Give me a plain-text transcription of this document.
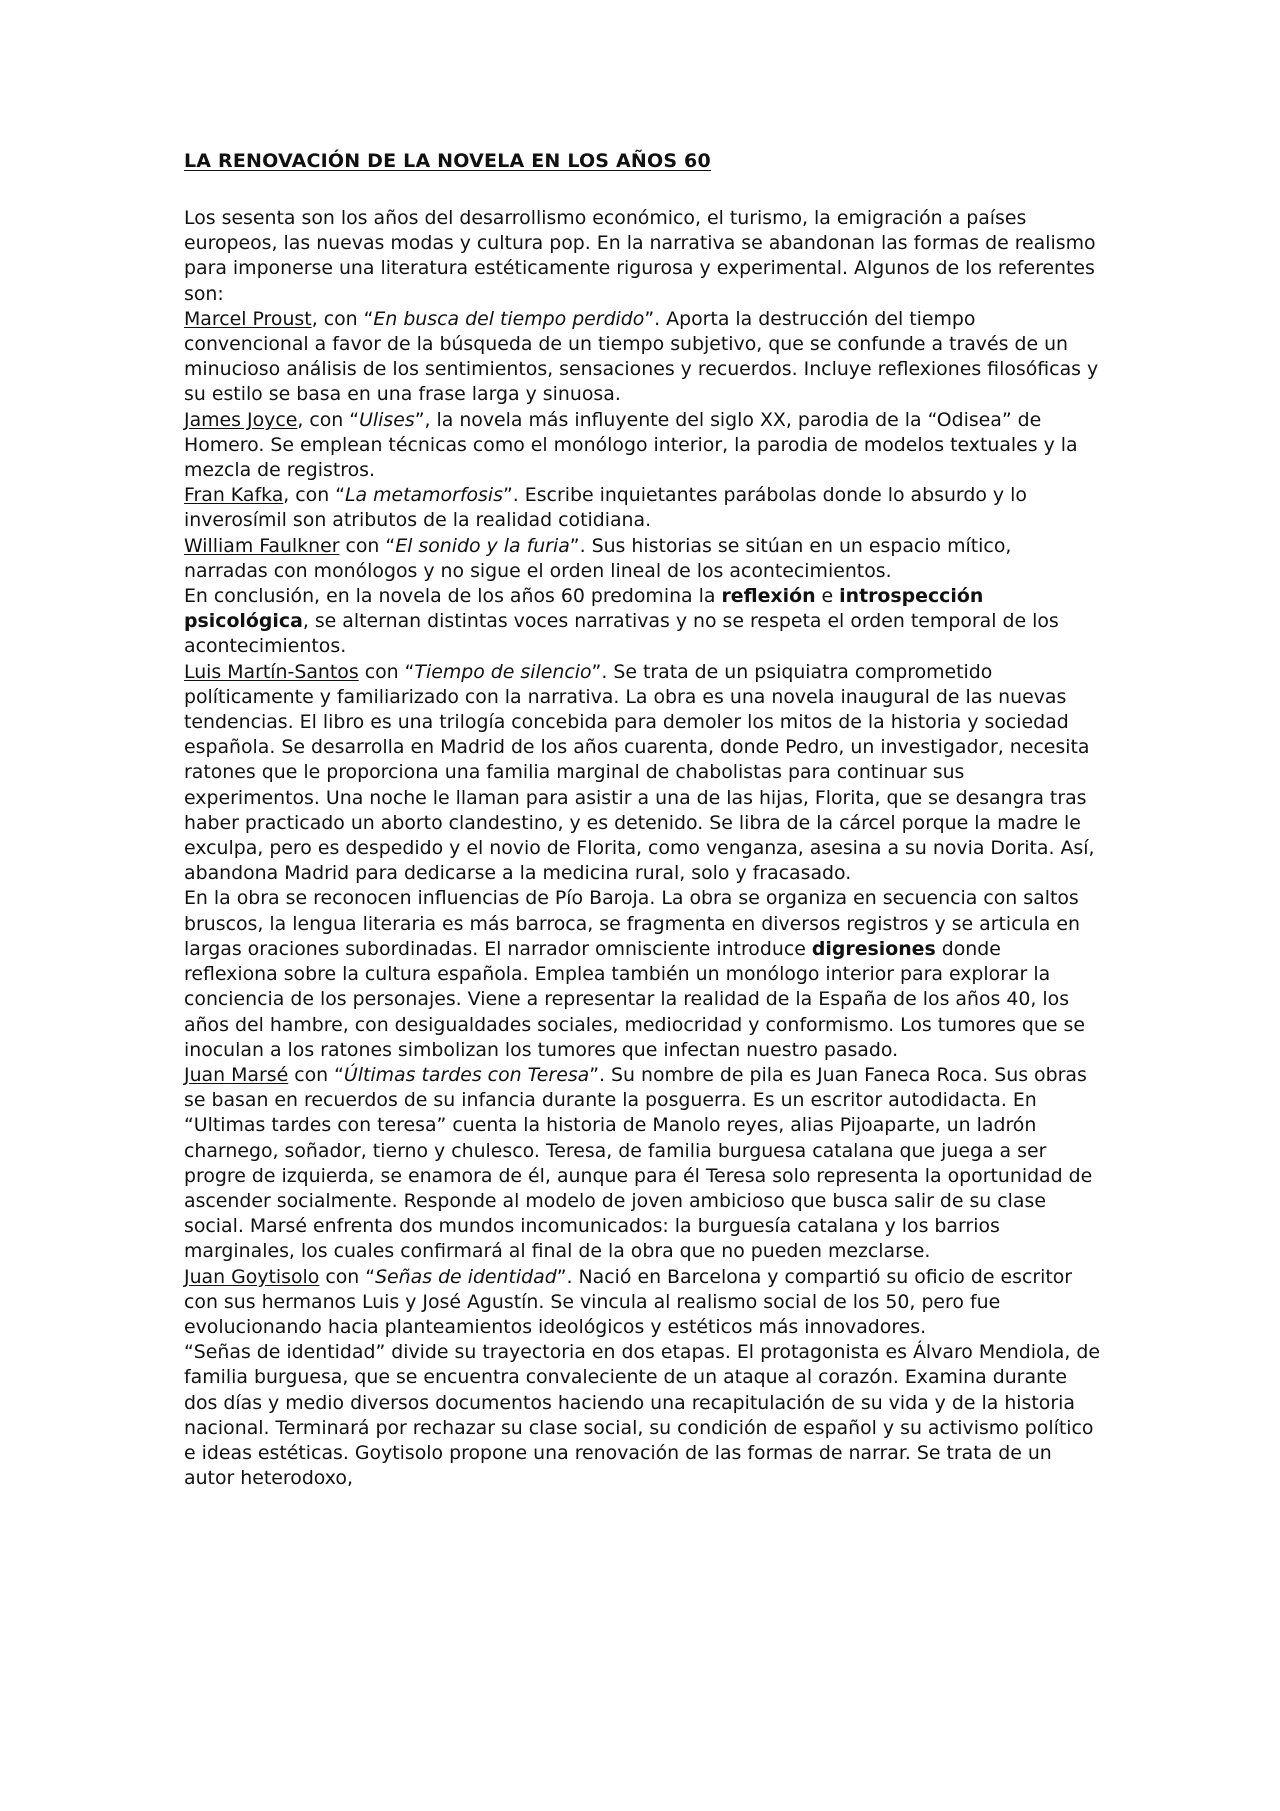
LA RENOVACIÓN DE LA NOVELA EN LOS AÑOS 60

Los sesenta son los años del desarrollismo económico, el turismo, la emigración a países europeos, las nuevas modas y cultura pop. En la narrativa se abandonan las formas de realismo para imponerse una literatura estéticamente rigurosa y experimental. Algunos de los referentes son:

Marcel Proust, con “En busca del tiempo perdido”. Aporta la destrucción del tiempo convencional a favor de la búsqueda de un tiempo subjetivo, que se confunde a través de un minucioso análisis de los sentimientos, sensaciones y recuerdos. Incluye reflexiones filosóficas y su estilo se basa en una frase larga y sinuosa.

James Joyce, con “Ulises”, la novela más influyente del siglo XX, parodia de la “Odisea” de Homero. Se emplean técnicas como el monólogo interior, la parodia de modelos textuales y la mezcla de registros.

Fran Kafka, con “La metamorfosis”. Escribe inquietantes parábolas donde lo absurdo y lo inverosímil son atributos de la realidad cotidiana.

William Faulkner con “El sonido y la furia”. Sus historias se sitúan en un espacio mítico, narradas con monólogos y no sigue el orden lineal de los acontecimientos.

En conclusión, en la novela de los años 60 predomina la reflexión e introspección psicológica, se alternan distintas voces narrativas y no se respeta el orden temporal de los acontecimientos.

Luis Martín-Santos con “Tiempo de silencio”. Se trata de un psiquiatra comprometido políticamente y familiarizado con la narrativa. La obra es una novela inaugural de las nuevas tendencias. El libro es una trilogía concebida para demoler los mitos de la historia y sociedad española. Se desarrolla en Madrid de los años cuarenta, donde Pedro, un investigador, necesita ratones que le proporciona una familia marginal de chabolistas para continuar sus experimentos. Una noche le llaman para asistir a una de las hijas, Florita, que se desangra tras haber practicado un aborto clandestino, y es detenido. Se libra de la cárcel porque la madre le exculpa, pero es despedido y el novio de Florita, como venganza, asesina a su novia Dorita. Así, abandona Madrid para dedicarse a la medicina rural, solo y fracasado.

En la obra se reconocen influencias de Pío Baroja. La obra se organiza en secuencia con saltos bruscos, la lengua literaria es más barroca, se fragmenta en diversos registros y se articula en largas oraciones subordinadas. El narrador omnisciente introduce digresiones donde reflexiona sobre la cultura española. Emplea también un monólogo interior para explorar la conciencia de los personajes. Viene a representar la realidad de la España de los años 40, los años del hambre, con desigualdades sociales, mediocridad y conformismo. Los tumores que se inoculan a los ratones simbolizan los tumores que infectan nuestro pasado.

Juan Marsé con “Últimas tardes con Teresa”. Su nombre de pila es Juan Faneca Roca. Sus obras se basan en recuerdos de su infancia durante la posguerra. Es un escritor autodidacta. En “Ultimas tardes con teresa” cuenta la historia de Manolo reyes, alias Pijoaparte, un ladrón charnego, soñador, tierno y chulesco. Teresa, de familia burguesa catalana que juega a ser progre de izquierda, se enamora de él, aunque para él Teresa solo representa la oportunidad de ascender socialmente. Responde al modelo de joven ambicioso que busca salir de su clase social. Marsé enfrenta dos mundos incomunicados: la burguesía catalana y los barrios marginales, los cuales confirmará al final de la obra que no pueden mezclarse.

Juan Goytisolo con “Señas de identidad”. Nació en Barcelona y compartió su oficio de escritor con sus hermanos Luis y José Agustín. Se vincula al realismo social de los 50, pero fue evolucionando hacia planteamientos ideológicos y estéticos más innovadores.

“Señas de identidad” divide su trayectoria en dos etapas. El protagonista es Álvaro Mendiola, de familia burguesa, que se encuentra convaleciente de un ataque al corazón. Examina durante dos días y medio diversos documentos haciendo una recapitulación de su vida y de la historia nacional. Terminará por rechazar su clase social, su condición de español y su activismo político e ideas estéticas. Goytisolo propone una renovación de las formas de narrar. Se trata de un autor heterodoxo,
